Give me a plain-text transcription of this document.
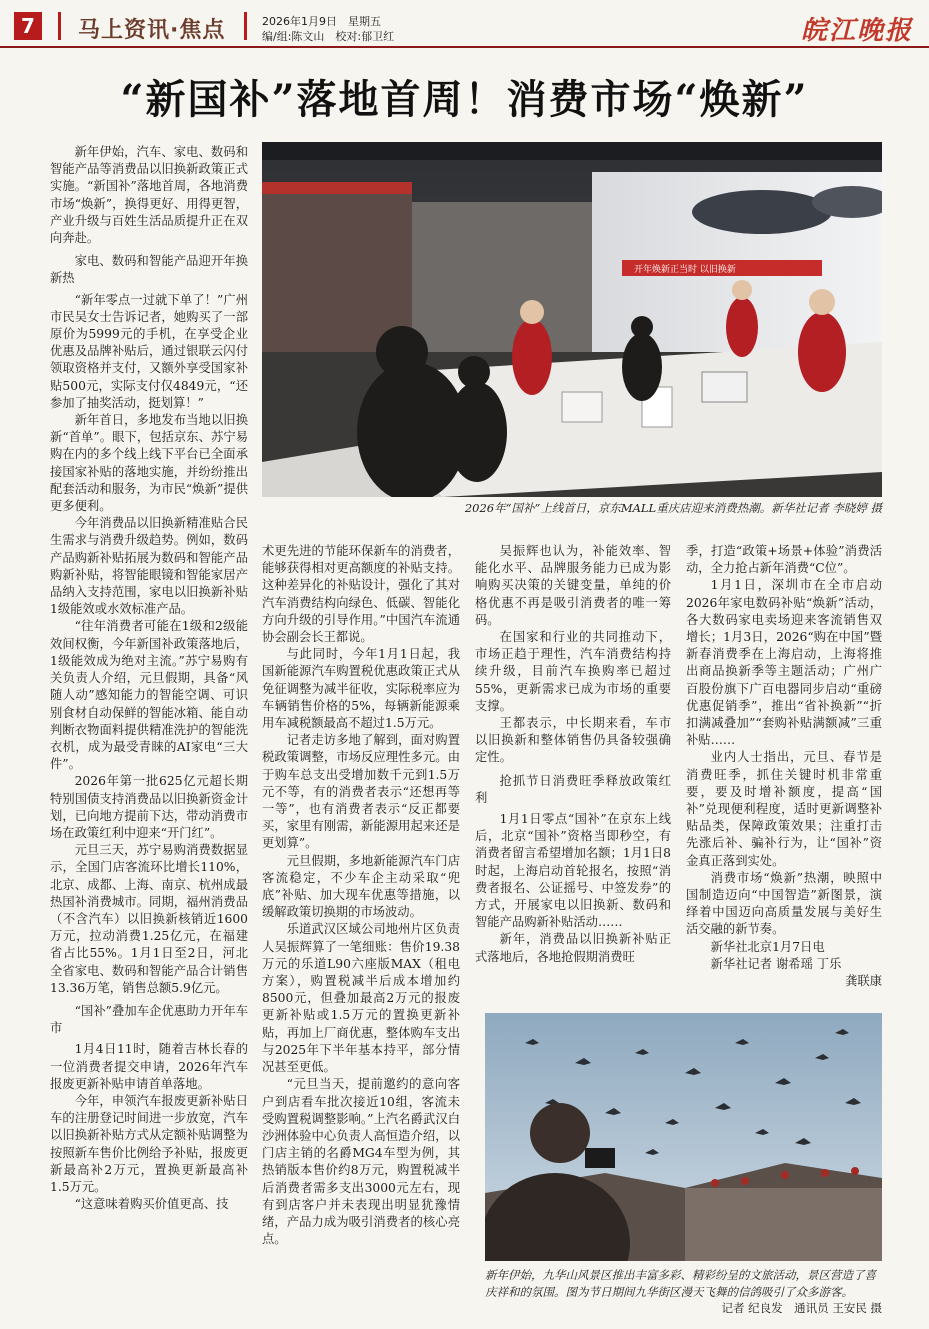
7	马上资讯·焦点	2026年1月9日　星期五
编/组:陈文山　校对:郁卫红	皖江晚报
“新国补”落地首周！消费市场“焕新”

新年伊始，汽车、家电、数码和智能产品等消费品以旧换新政策正式实施。“新国补”落地首周，各地消费市场“焕新”，换得更好、用得更智，产业升级与百姓生活品质提升正在双向奔赴。

家电、数码和智能产品迎开年换新热

“新年零点一过就下单了！”广州市民吴女士告诉记者，她购买了一部原价为5999元的手机，在享受企业优惠及品牌补贴后，通过银联云闪付领取资格并支付，又额外享受国家补贴500元，实际支付仅4849元，“还参加了抽奖活动，挺划算！”

新年首日，多地发布当地以旧换新“首单”。眼下，包括京东、苏宁易购在内的多个线上线下平台已全面承接国家补贴的落地实施，并纷纷推出配套活动和服务，为市民“焕新”提供更多便利。

今年消费品以旧换新精准贴合民生需求与消费升级趋势。例如，数码产品购新补贴拓展为数码和智能产品购新补贴，将智能眼镜和智能家居产品纳入支持范围，家电以旧换新补贴1级能效或水效标准产品。

“往年消费者可能在1级和2级能效间权衡，今年新国补政策落地后，1级能效成为绝对主流。”苏宁易购有关负责人介绍，元旦假期，具备“风随人动”感知能力的智能空调、可识别食材自动保鲜的智能冰箱、能自动判断衣物面料提供精准洗护的智能洗衣机，成为最受青睐的AI家电“三大件”。

2026年第一批625亿元超长期特别国债支持消费品以旧换新资金计划，已向地方提前下达，带动消费市场在政策红利中迎来“开门红”。

元旦三天，苏宁易购消费数据显示，全国门店客流环比增长110%，北京、成都、上海、南京、杭州成最热国补消费城市。同期，福州消费品（不含汽车）以旧换新核销近1600万元，拉动消费1.25亿元，在福建省占比55%。1月1日至2日，河北全省家电、数码和智能产品合计销售13.36万笔，销售总额5.9亿元。

“国补”叠加车企优惠助力开年车市

1月4日11时，随着吉林长春的一位消费者提交申请，2026年汽车报废更新补贴申请首单落地。

今年，申领汽车报废更新补贴日车的注册登记时间进一步放宽，汽车以旧换新补贴方式从定额补贴调整为按照新车售价比例给予补贴，报废更新最高补2万元，置换更新最高补1.5万元。

“这意味着购买价值更高、技

开年焕新正当时 以旧换新
2026年“国补”上线首日，京东MALL重庆店迎来消费热潮。新华社记者 李晓婷 摄

术更先进的节能环保新车的消费者，能够获得相对更高额度的补贴支持。这种差异化的补贴设计，强化了其对汽车消费结构向绿色、低碳、智能化方向升级的引导作用。”中国汽车流通协会副会长王都说。

与此同时，今年1月1日起，我国新能源汽车购置税优惠政策正式从免征调整为减半征收，实际税率应为车辆销售价格的5%，每辆新能源乘用车减税额最高不超过1.5万元。

记者走访多地了解到，面对购置税政策调整，市场反应理性多元。由于购车总支出受增加数千元到1.5万元不等，有的消费者表示“还想再等一等”，也有消费者表示“反正都要买，家里有刚需，新能源用起来还是更划算”。

元旦假期，多地新能源汽车门店客流稳定，不少车企主动采取“兜底”补贴、加大现车优惠等措施，以缓解政策切换期的市场波动。

乐道武汉区域公司地州片区负责人吴振辉算了一笔细账：售价19.38万元的乐道L90六座版MAX（租电方案），购置税减半后成本增加约8500元，但叠加最高2万元的报废更新补贴或1.5万元的置换更新补贴，再加上厂商优惠，整体购车支出与2025年下半年基本持平，部分情况甚至更低。

“元旦当天，提前邀约的意向客户到店看车批次接近10组，客流未受购置税调整影响。”上汽名爵武汉白沙洲体验中心负责人高恒造介绍，以门店主销的名爵MG4车型为例，其热销版本售价约8万元，购置税减半后消费者需多支出3000元左右，现有到店客户并未表现出明显犹豫情绪，产品力成为吸引消费者的核心亮点。

吴振辉也认为，补能效率、智能化水平、品牌服务能力已成为影响购买决策的关键变量，单纯的价格优惠不再是吸引消费者的唯一筹码。

在国家和行业的共同推动下，市场正趋于理性，汽车消费结构持续升级，目前汽车换购率已超过55%，更新需求已成为市场的重要支撑。

王都表示，中长期来看，车市以旧换新和整体销售仍具备较强确定性。

抢抓节日消费旺季释放政策红利

1月1日零点“国补”在京东上线后，北京“国补”资格当即秒空，有消费者留言希望增加名额；1月1日8时起，上海启动首轮报名，按照“消费者报名、公证摇号、中签发券”的方式，开展家电以旧换新、数码和智能产品购新补贴活动……

新年，消费品以旧换新补贴正式落地后，各地抢假期消费旺

季，打造“政策+场景+体验”消费活动，全力抢占新年消费“C位”。

1月1日，深圳市在全市启动2026年家电数码补贴“焕新”活动，各大数码家电卖场迎来客流销售双增长；1月3日，2026“购在中国”暨新春消费季在上海启动，上海将推出商品换新季等主题活动；广州广百股份旗下广百电器同步启动“重磅优惠促销季”，推出“省补换新”“折扣满减叠加”“套购补贴满额减”三重补贴……

业内人士指出，元旦、春节是消费旺季，抓住关键时机非常重要，要及时增补额度，提高“国补”兑现便利程度，适时更新调整补贴品类，保障政策效果；注重打击先涨后补、骗补行为，让“国补”资金真正落到实处。

消费市场“焕新”热潮，映照中国制造迈向“中国智造”新图景，演绎着中国迈向高质量发展与美好生活交融的新节奏。

新华社北京1月7日电

新华社记者 谢希瑶 丁乐

龚联康

新年伊始，九华山风景区推出丰富多彩、精彩纷呈的文旅活动，景区营造了喜庆祥和的氛围。图为节日期间九华街区漫天飞舞的信鸽吸引了众多游客。
记者 纪良发　通讯员 王安民 摄
